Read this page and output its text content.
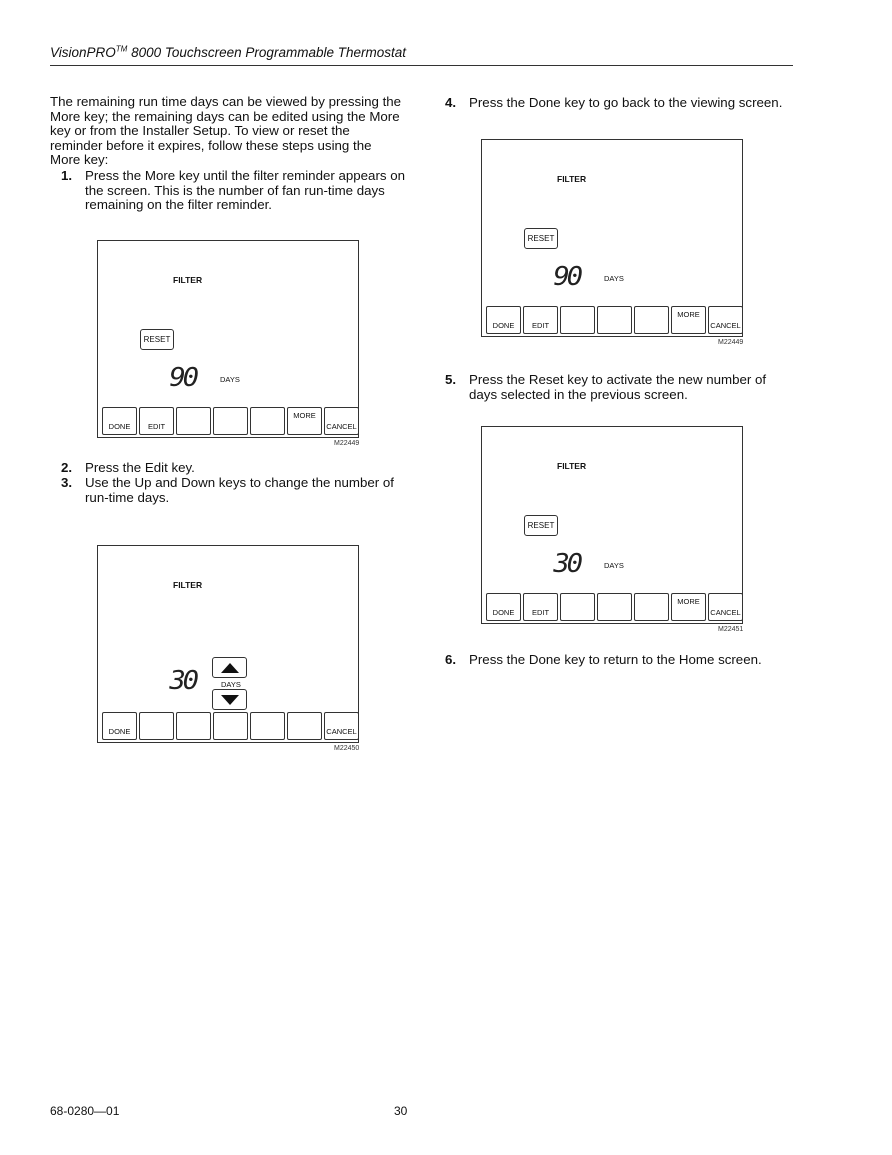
VisionPRO™ 8000 Touchscreen Programmable Thermostat
The remaining run time days can be viewed by pressing the More key; the remaining days can be edited using the More key or from the Installer Setup. To view or reset the reminder before it expires, follow these steps using the More key:
1. Press the More key until the filter reminder appears on the screen. This is the number of fan run-time days remaining on the filter reminder.
FILTER
RESET
90	DAYS
DONE	EDIT
MORE
CANCEL
M22449
2. Press the Edit key.
3. Use the Up and Down keys to change the number of run-time days.
FILTER
30	DAYS
DONE	CANCEL
M22450
4. Press the Done key to go back to the viewing screen.
FILTER
RESET
90	DAYS
DONE	EDIT
MORE
CANCEL
M22449
5. Press the Reset key to activate the new number of days selected in the previous screen.
FILTER
RESET
30	DAYS
DONE	EDIT
MORE
CANCEL
M22451
6. Press the Done key to return to the Home screen.
68-0280—01	30
